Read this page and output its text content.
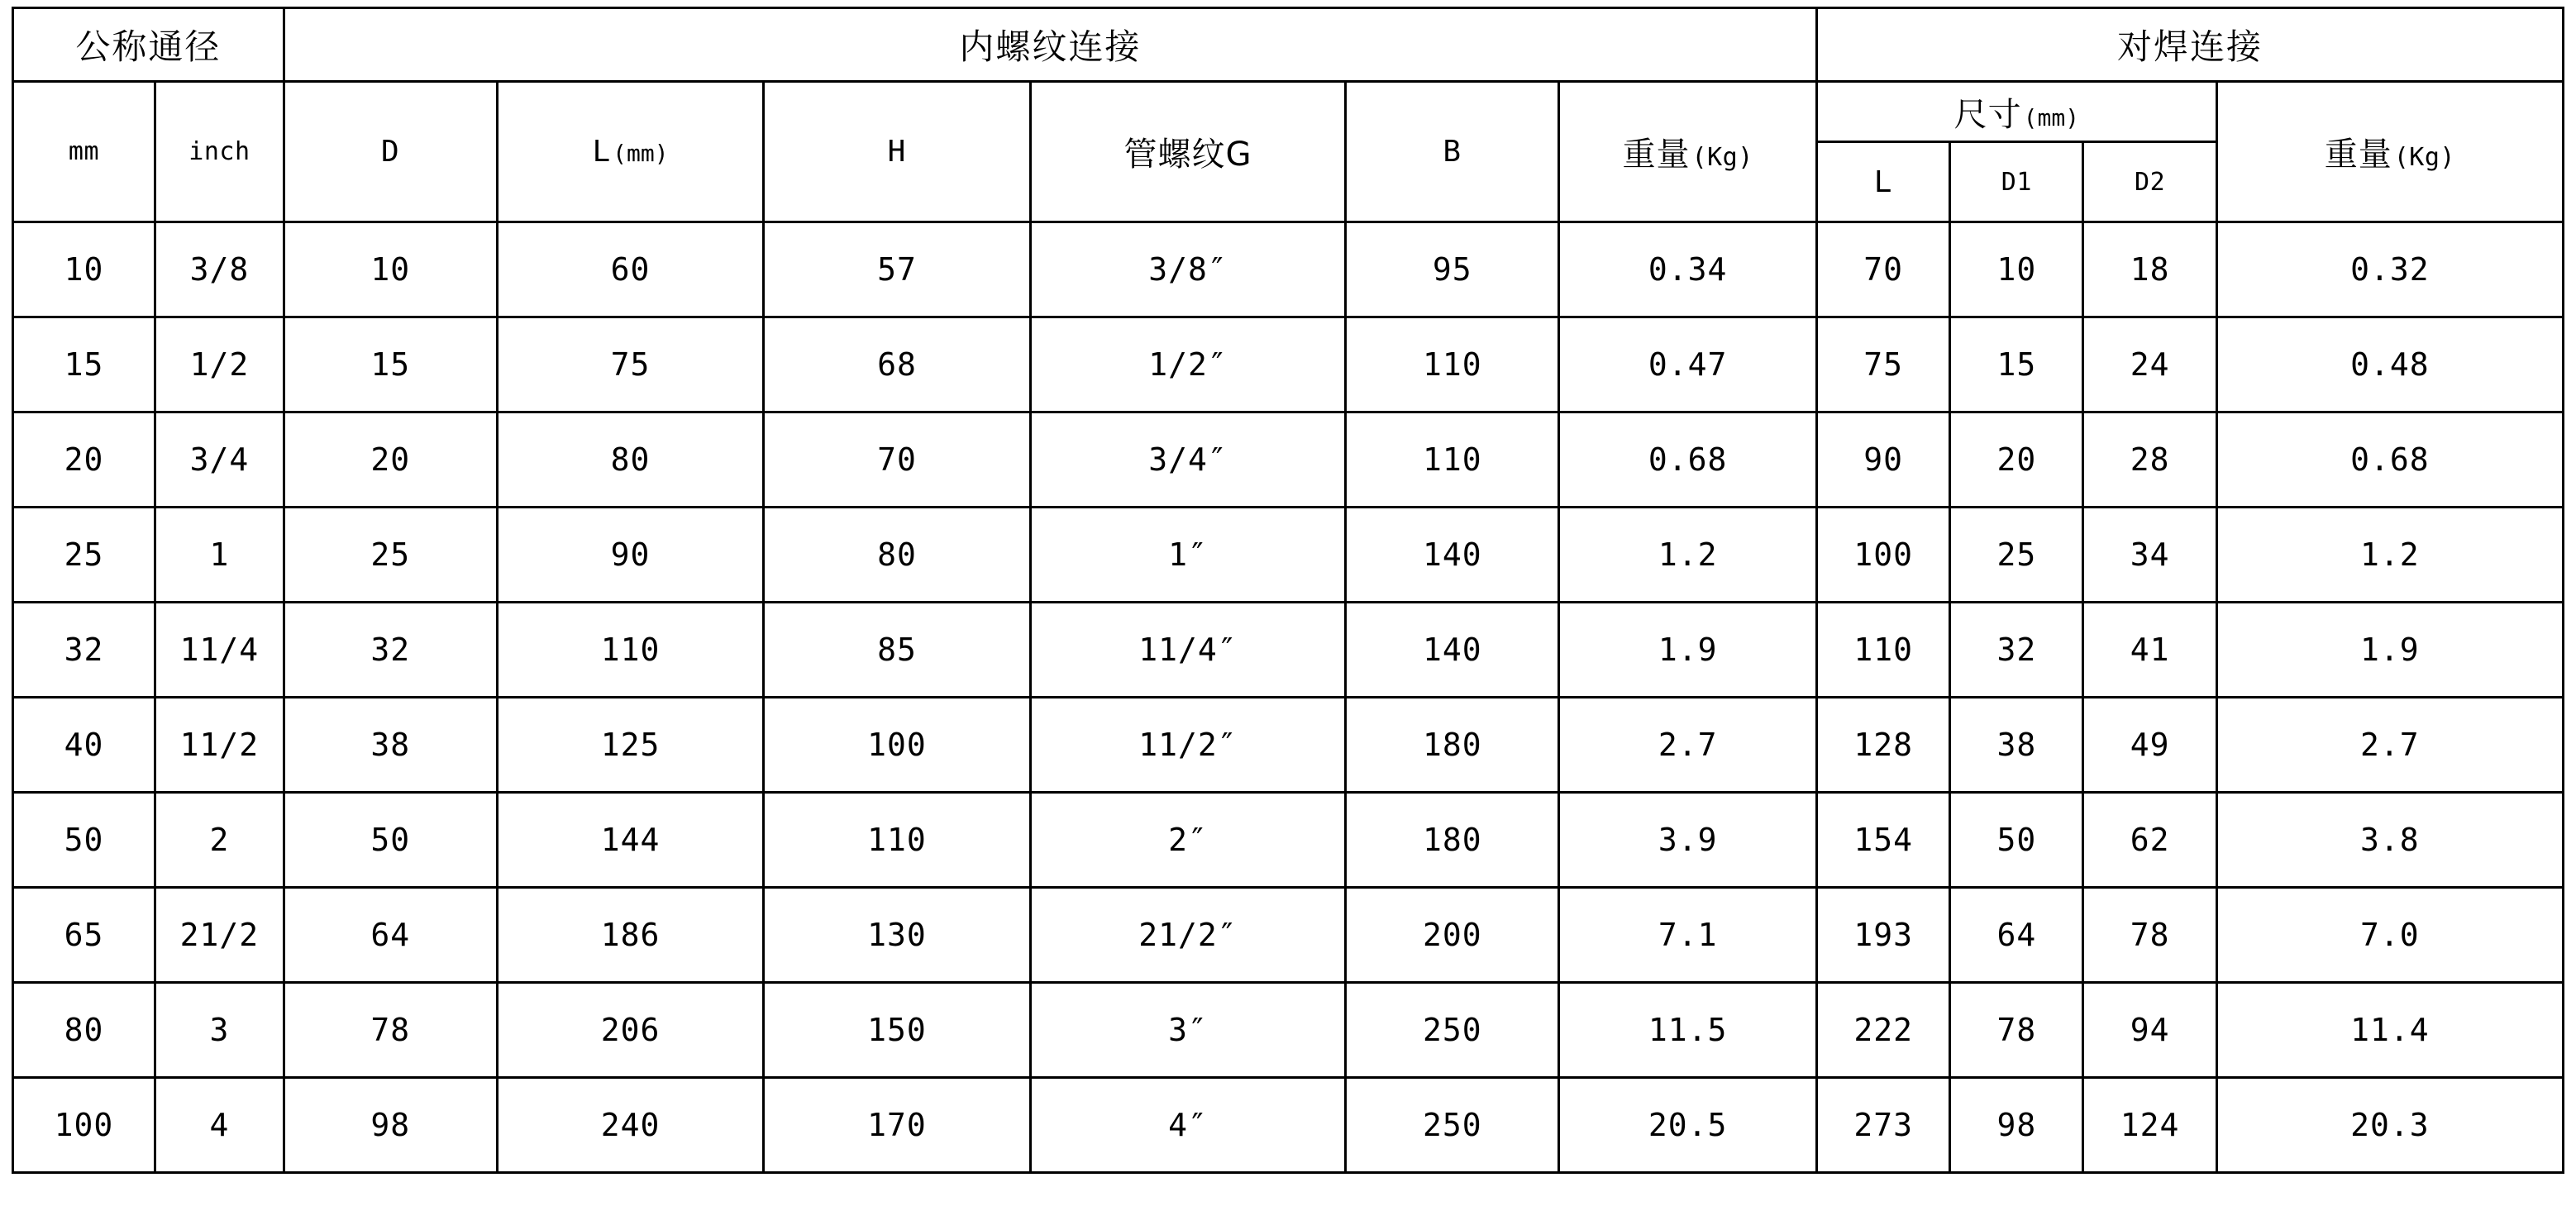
公称通径		内螺纹连接						对焊连接			
mm	inch	D	L (mm)	H	管螺纹G	B	重量 (Kg)	尺寸 (mm)			重量 (Kg)

								L	D1	D2	
10	3/8	10	60	57	3/8″	95	0.34	70	10	18	0.32
15	1/2	15	75	68	1/2″	110	0.47	75	15	24	0.48
20	3/4	20	80	70	3/4″	110	0.68	90	20	28	0.68
25	1	25	90	80	1″	140	1.2	100	25	34	1.2
32	11/4	32	110	85	11/4″	140	1.9	110	32	41	1.9
40	11/2	38	125	100	11/2″	180	2.7	128	38	49	2.7
50	2	50	144	110	2″	180	3.9	154	50	62	3.8
65	21/2	64	186	130	21/2″	200	7.1	193	64	78	7.0
80	3	78	206	150	3″	250	11.5	222	78	94	11.4
100	4	98	240	170	4″	250	20.5	273	98	124	20.3
